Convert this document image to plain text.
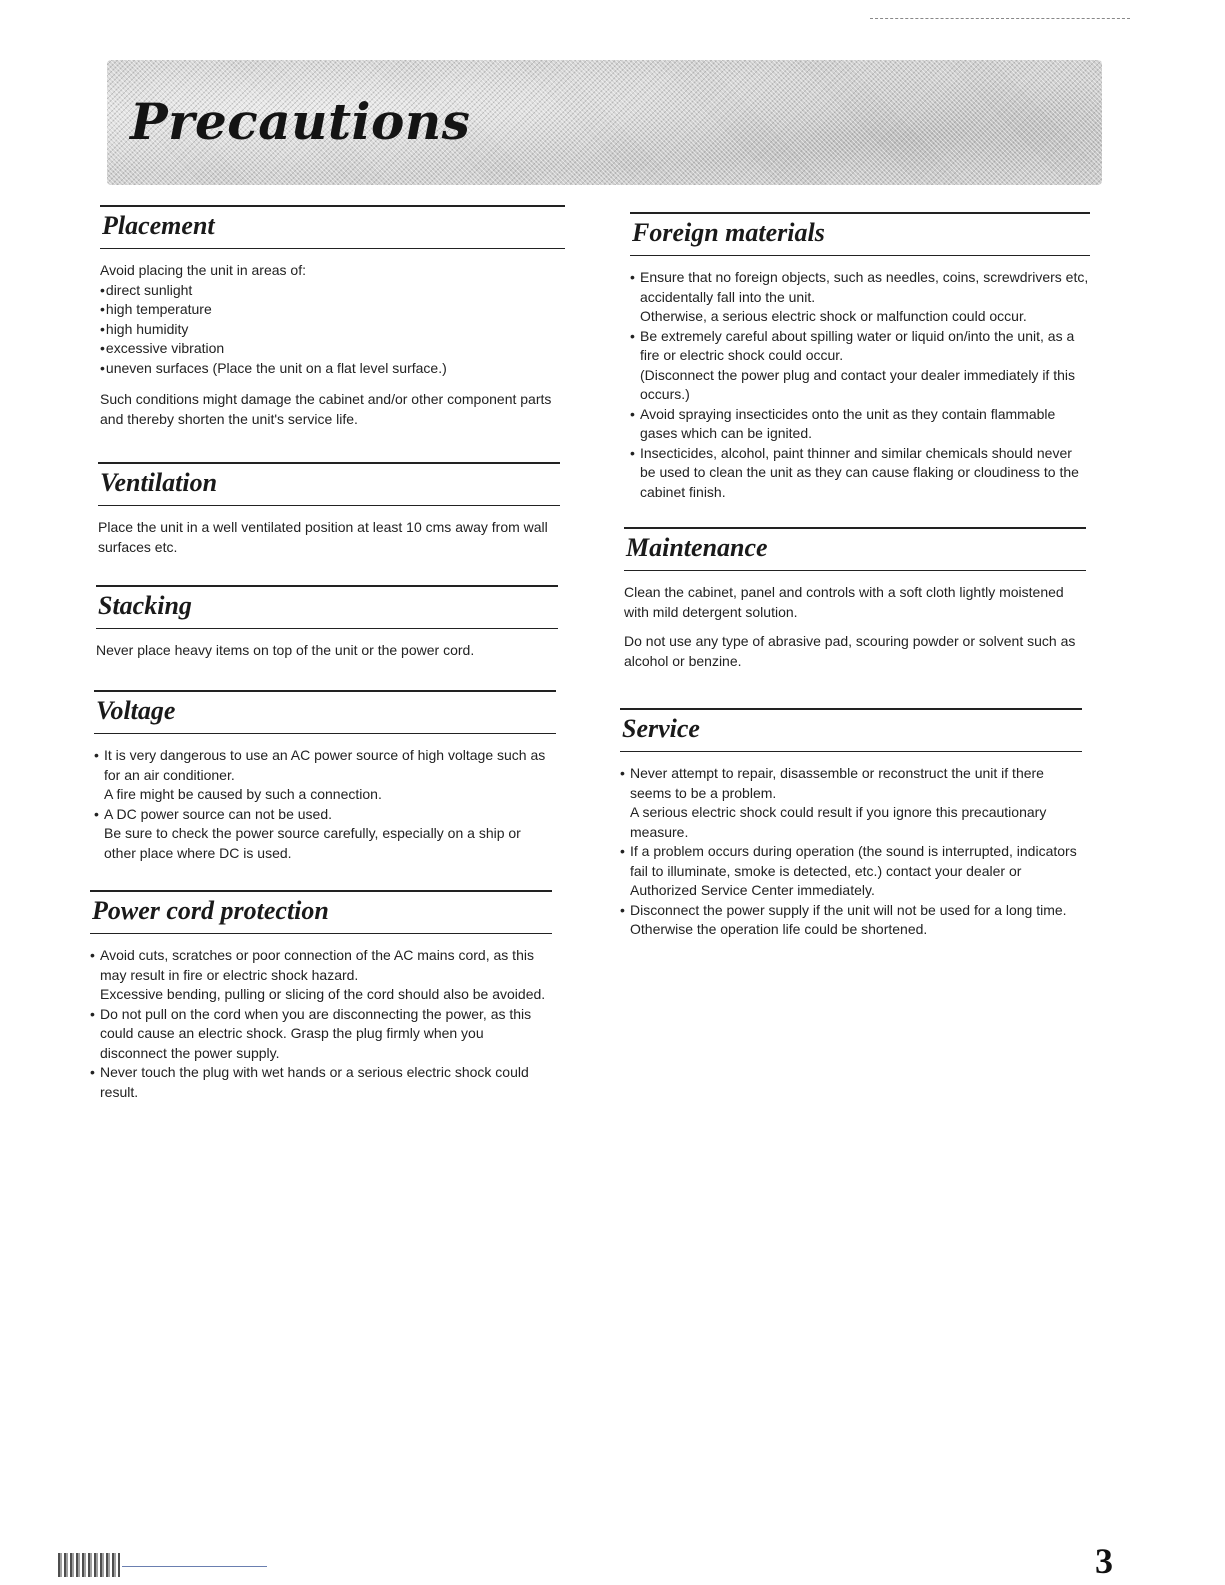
Precautions
Placement

Avoid placing the unit in areas of:

• direct sunlight
• high temperature
• high humidity
• excessive vibration
• uneven surfaces (Place the unit on a flat level surface.)

Such conditions might damage the cabinet and/or other component parts and thereby shorten the unit's service life.

Ventilation

Place the unit in a well ventilated position at least 10 cms away from wall surfaces etc.

Stacking

Never place heavy items on top of the unit or the power cord.

Voltage
• It is very dangerous to use an AC power source of high voltage such as for an air conditioner.
A fire might be caused by such a connection.
• A DC power source can not be used.
Be sure to check the power source carefully, especially on a ship or other place where DC is used.
Power cord protection
• Avoid cuts, scratches or poor connection of the AC mains cord, as this may result in fire or electric shock hazard.
Excessive bending, pulling or slicing of the cord should also be avoided.
• Do not pull on the cord when you are disconnecting the power, as this could cause an electric shock. Grasp the plug firmly when you disconnect the power supply.
• Never touch the plug with wet hands or a serious electric shock could result.
Foreign materials
• Ensure that no foreign objects, such as needles, coins, screwdrivers etc, accidentally fall into the unit.
Otherwise, a serious electric shock or malfunction could occur.
• Be extremely careful about spilling water or liquid on/into the unit, as a fire or electric shock could occur.
(Disconnect the power plug and contact your dealer immediately if this occurs.)
• Avoid spraying insecticides onto the unit as they contain flammable gases which can be ignited.
• Insecticides, alcohol, paint thinner and similar chemicals should never be used to clean the unit as they can cause flaking or cloudiness to the cabinet finish.
Maintenance

Clean the cabinet, panel and controls with a soft cloth lightly moistened with mild detergent solution.

Do not use any type of abrasive pad, scouring powder or solvent such as alcohol or benzine.

Service
• Never attempt to repair, disassemble or reconstruct the unit if there seems to be a problem.
A serious electric shock could result if you ignore this precautionary measure.
• If a problem occurs during operation (the sound is interrupted, indicators fail to illuminate, smoke is detected, etc.) contact your dealer or Authorized Service Center immediately.
• Disconnect the power supply if the unit will not be used for a long time. Otherwise the operation life could be shortened.
3
